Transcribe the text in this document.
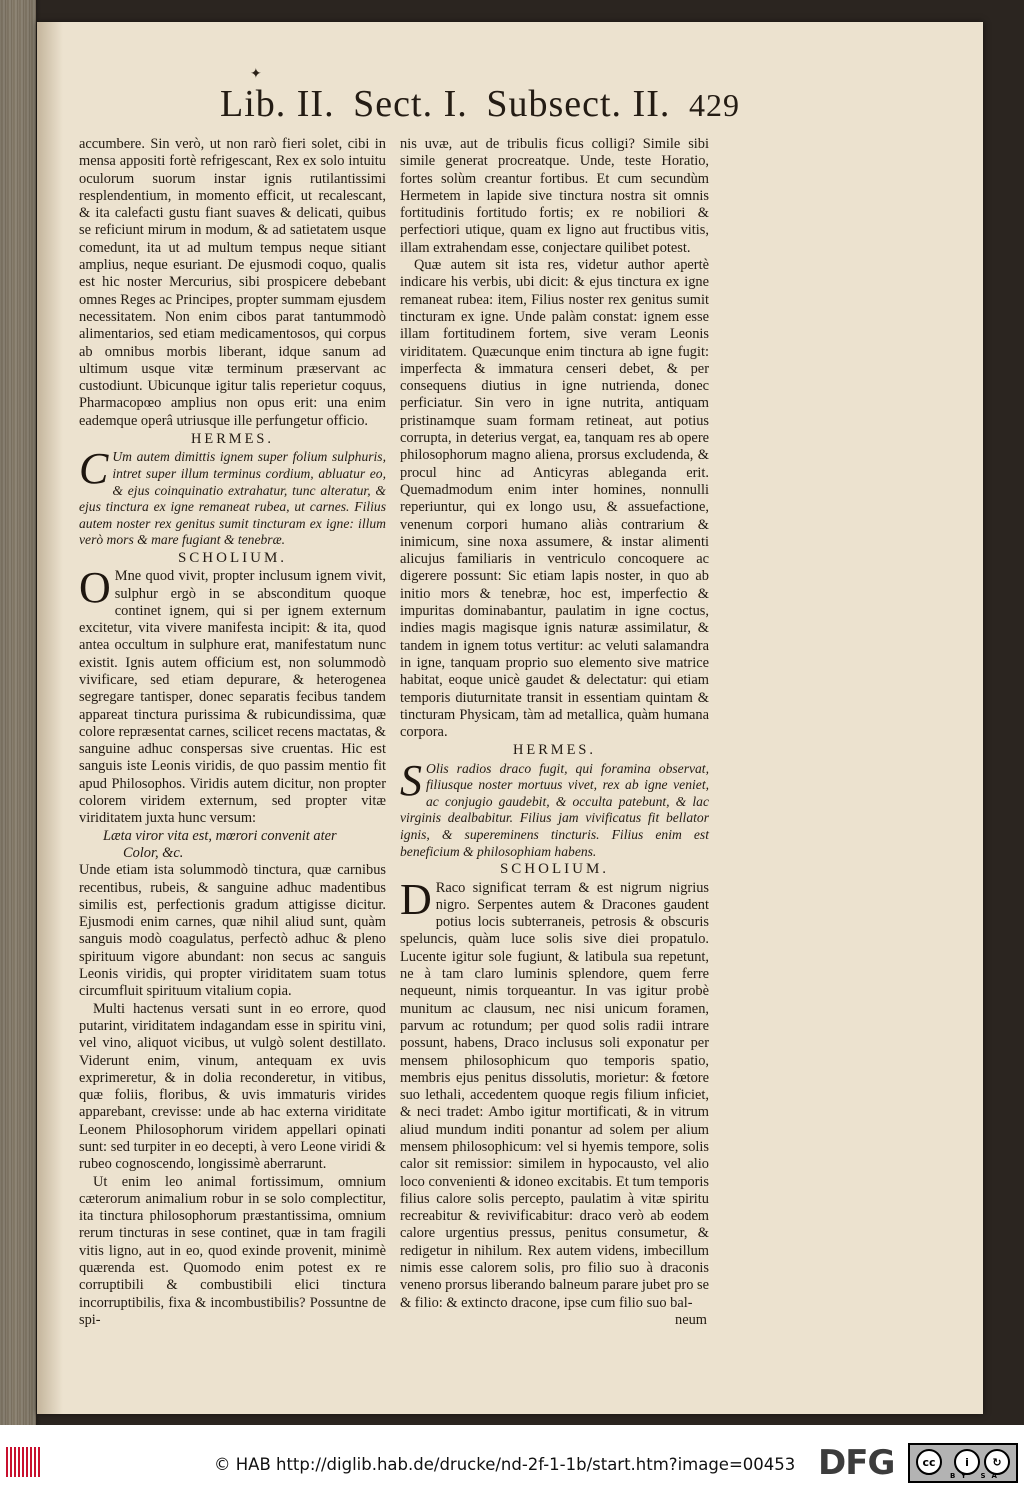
✦
Lib. II. Sect. I. Subsect. II. 429

accumbere. Sin verò, ut non rarò fieri solet, cibi in mensa appositi fortè refrigescant, Rex ex solo intuitu oculorum suorum instar ignis rutilantissimi resplendentium, in momento efficit, ut recalescant, & ita calefacti gustu fiant suaves & delicati, quibus se reficiunt mirum in modum, & ad satietatem usque comedunt, ita ut ad multum tempus neque sitiant amplius, neque esuriant. De ejusmodi coquo, qualis est hic noster Mercurius, sibi prospicere debebant omnes Reges ac Principes, propter summam ejusdem necessitatem. Non enim cibos parat tantummodò alimentarios, sed etiam medicamentosos, qui corpus ab omnibus morbis liberant, idque sanum ad ultimum usque vitæ terminum præservant ac custodiunt. Ubicunque igitur talis reperietur coquus, Pharmacopœo amplius non opus erit: una enim eademque operâ utriusque ille perfungetur officio.

HERMES.

C Um autem dimittis ignem super folium sulphuris, intret super illum terminus cordium, abluatur eo, & ejus coinquinatio extrahatur, tunc alteratur, & ejus tinctura ex igne remaneat rubea, ut carnes. Filius autem noster rex genitus sumit tincturam ex igne: illum verò mors & mare fugiant & tenebræ.

SCHOLIUM.

O Mne quod vivit, propter inclusum ignem vivit, sulphur ergò in se absconditum quoque continet ignem, qui si per ignem externum excitetur, vita vivere manifesta incipit: & ita, quod antea occultum in sulphure erat, manifestatum nunc existit. Ignis autem officium est, non solummodò vivificare, sed etiam depurare, & heterogenea segregare tantisper, donec separatis fecibus tandem appareat tinctura purissima & rubicundissima, quæ colore repræsentat carnes, scilicet recens mactatas, & sanguine adhuc conspersas sive cruentas. Hic est sanguis iste Leonis viridis, de quo passim mentio fit apud Philosophos. Viridis autem dicitur, non propter colorem viridem externum, sed propter vitæ viriditatem juxta hunc versum:

Læta viror vita est, mœrori convenit ater

Color, &c.

Unde etiam ista solummodò tinctura, quæ carnibus recentibus, rubeis, & sanguine adhuc madentibus similis est, perfectionis gradum attigisse dicitur. Ejusmodi enim carnes, quæ nihil aliud sunt, quàm sanguis modò coagulatus, perfectò adhuc & pleno spirituum vigore abundant: non secus ac sanguis Leonis viridis, qui propter viriditatem suam totus circumfluit spirituum vitalium copia.

Multi hactenus versati sunt in eo errore, quod putarint, viriditatem indagandam esse in spiritu vini, vel vino, aliquot vicibus, ut vulgò solent destillato. Viderunt enim, vinum, antequam ex uvis exprimeretur, & in dolia reconderetur, in vitibus, quæ foliis, floribus, & uvis immaturis virides apparebant, crevisse: unde ab hac externa viriditate Leonem Philosophorum viridem appellari opinati sunt: sed turpiter in eo decepti, à vero Leone viridi & rubeo cognoscendo, longissimè aberrarunt.

Ut enim leo animal fortissimum, omnium cæterorum animalium robur in se solo complectitur, ita tinctura philosophorum præstantissima, omnium rerum tincturas in sese continet, quæ in tam fragili vitis ligno, aut in eo, quod exinde provenit, minimè quærenda est. Quomodo enim potest ex re corruptibili & combustibili elici tinctura incorruptibilis, fixa & incombustibilis? Possuntne de spi-

nis uvæ, aut de tribulis ficus colligi? Simile sibi simile generat procreatque. Unde, teste Horatio, fortes solùm creantur fortibus. Et cum secundùm Hermetem in lapide sive tinctura nostra sit omnis fortitudinis fortitudo fortis; ex re nobiliori & perfectiori utique, quam ex ligno aut fructibus vitis, illam extrahendam esse, conjectare quilibet potest.

Quæ autem sit ista res, videtur author apertè indicare his verbis, ubi dicit: & ejus tinctura ex igne remaneat rubea: item, Filius noster rex genitus sumit tincturam ex igne. Unde palàm constat: ignem esse illam fortitudinem fortem, sive veram Leonis viriditatem. Quæcunque enim tinctura ab igne fugit: imperfecta & immatura censeri debet, & per consequens diutius in igne nutrienda, donec perficiatur. Sin vero in igne nutrita, antiquam pristinamque suam formam retineat, aut potius corrupta, in deterius vergat, ea, tanquam res ab opere philosophorum magno aliena, prorsus excludenda, & procul hinc ad Anticyras ableganda erit. Quemadmodum enim inter homines, nonnulli reperiuntur, qui ex longo usu, & assuefactione, venenum corpori humano aliàs contrarium & inimicum, sine noxa assumere, & instar alimenti alicujus familiaris in ventriculo concoquere ac digerere possunt: Sic etiam lapis noster, in quo ab initio mors & tenebræ, hoc est, imperfectio & impuritas dominabantur, paulatim in igne coctus, indies magis magisque ignis naturæ assimilatur, & tandem in ignem totus vertitur: ac veluti salamandra in igne, tanquam proprio suo elemento sive matrice habitat, eoque unicè gaudet & delectatur: qui etiam temporis diuturnitate transit in essentiam quintam & tincturam Physicam, tàm ad metallica, quàm humana corpora.

HERMES.

S Olis radios draco fugit, qui foramina observat, filiusque noster mortuus vivet, rex ab igne veniet, ac conjugio gaudebit, & occulta patebunt, & lac virginis dealbabitur. Filius jam vivificatus fit bellator ignis, & supereminens tincturis. Filius enim est beneficium & philosophiam habens.

SCHOLIUM.

D Raco significat terram & est nigrum nigrius nigro. Serpentes autem & Dracones gaudent potius locis subterraneis, petrosis & obscuris speluncis, quàm luce solis sive diei propatulo. Lucente igitur sole fugiunt, & latibula sua repetunt, ne à tam claro luminis splendore, quem ferre nequeunt, nimis torqueantur. In vas igitur probè munitum ac clausum, nec nisi unicum foramen, parvum ac rotundum; per quod solis radii intrare possunt, habens, Draco inclusus soli exponatur per mensem philosophicum quo temporis spatio, membris ejus penitus dissolutis, morietur: & fœtore suo lethali, accedentem quoque regis filium inficiet, & neci tradet: Ambo igitur mortificati, & in vitrum aliud mundum inditi ponantur ad solem per alium mensem philosophicum: vel si hyemis tempore, solis calor sit remissior: similem in hypocausto, vel alio loco convenienti & idoneo excitabis. Et tum temporis filius calore solis percepto, paulatim à vitæ spiritu recreabitur & revivificabitur: draco verò ab eodem calore urgentius pressus, penitus consumetur, & redigetur in nihilum. Rex autem videns, imbecillum nimis esse calorem solis, pro filio suo à draconis veneno prorsus liberando balneum parare jubet pro se & filio: & extincto dracone, ipse cum filio suo bal-

neum

© HAB http://diglib.hab.de/drucke/nd-2f-1-1b/start.htm?image=00453 DFG	cc	i	↻
BY SA
